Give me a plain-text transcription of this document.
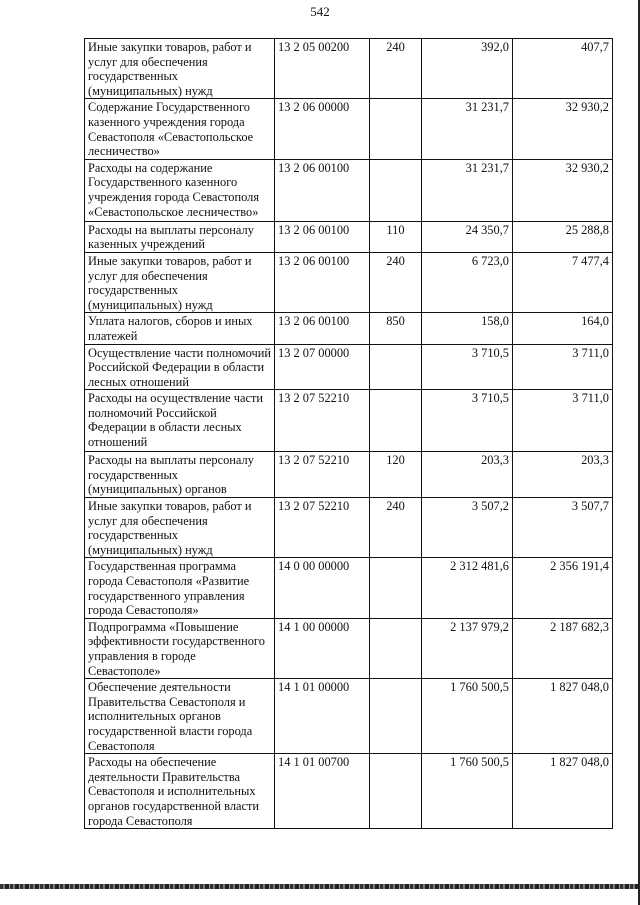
542
Иные закупки товаров, работ и услуг для обеспечения государственных (муниципальных) нужд	13 2 05 00200	240	392,0	407,7
Содержание Государственного казенного учреждения города Севастополя «Севастопольское лесничество»	13 2 06 00000		31 231,7	32 930,2
Расходы на содержание Государственного казенного учреждения города Севастополя «Севастопольское лесничество»	13 2 06 00100		31 231,7	32 930,2
Расходы на выплаты персоналу казенных учреждений	13 2 06 00100	110	24 350,7	25 288,8
Иные закупки товаров, работ и услуг для обеспечения государственных (муниципальных) нужд	13 2 06 00100	240	6 723,0	7 477,4
Уплата налогов, сборов и иных платежей	13 2 06 00100	850	158,0	164,0
Осуществление части полномочий Российской Федерации в области лесных отношений	13 2 07 00000		3 710,5	3 711,0
Расходы на осуществление части полномочий Российской Федерации в области лесных отношений	13 2 07 52210		3 710,5	3 711,0
Расходы на выплаты персоналу государственных (муниципальных) органов	13 2 07 52210	120	203,3	203,3
Иные закупки товаров, работ и услуг для обеспечения государственных (муниципальных) нужд	13 2 07 52210	240	3 507,2	3 507,7
Государственная программа города Севастополя «Развитие государственного управления города Севастополя»	14 0 00 00000		2 312 481,6	2 356 191,4
Подпрограмма «Повышение эффективности государственного управления в городе Севастополе»	14 1 00 00000		2 137 979,2	2 187 682,3
Обеспечение деятельности Правительства Севастополя и исполнительных органов государственной власти города Севастополя	14 1 01 00000		1 760 500,5	1 827 048,0
Расходы на обеспечение деятельности Правительства Севастополя и исполнительных органов государственной власти города Севастополя	14 1 01 00700		1 760 500,5	1 827 048,0
